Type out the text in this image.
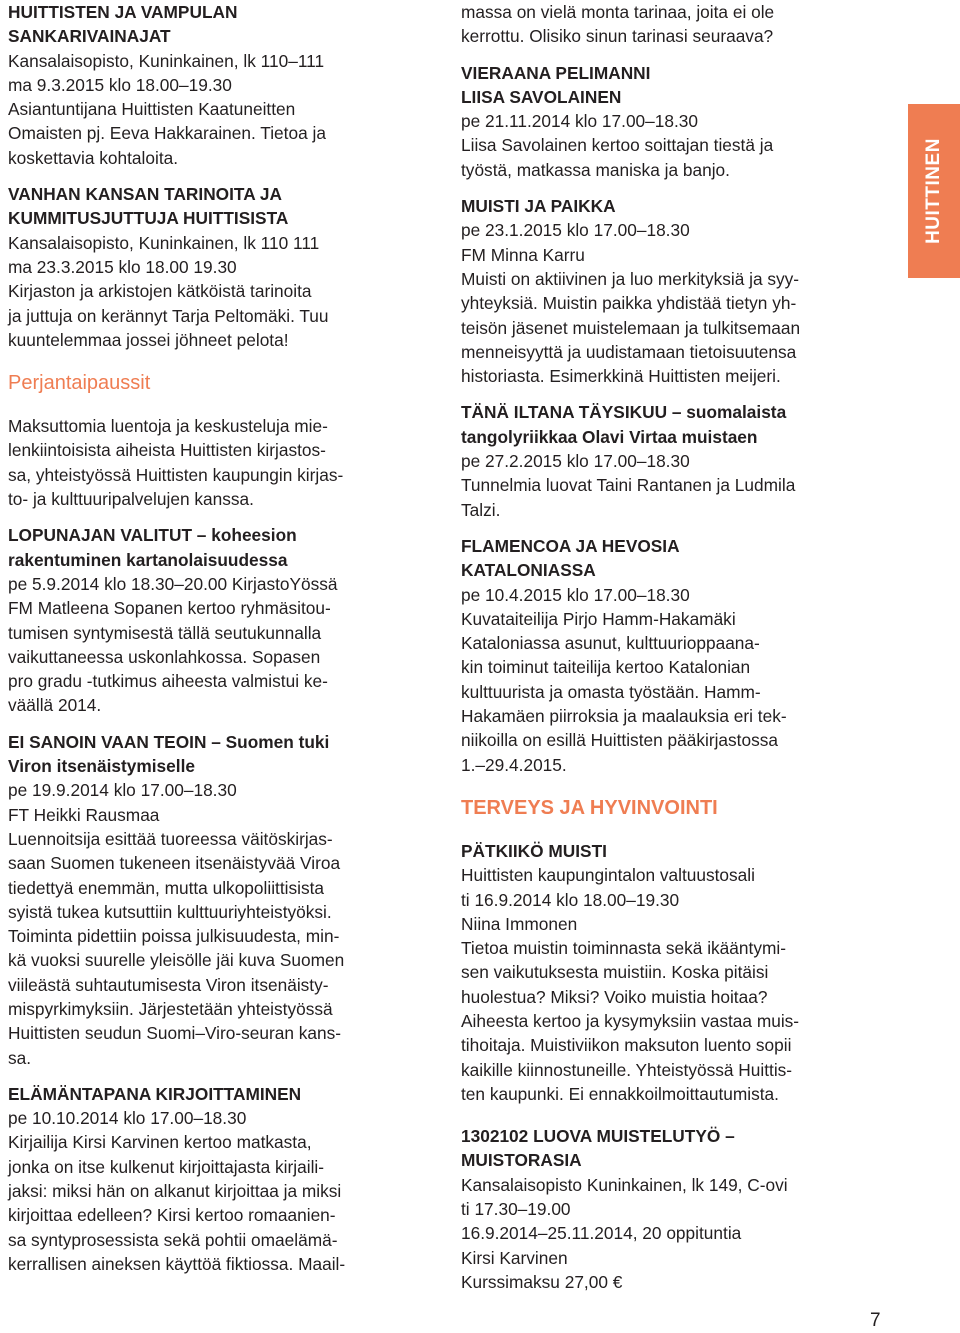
HUITTISTEN JA VAMPULAN

SANKARIVAINAJAT

Kansalaisopisto, Kuninkainen, lk 110–111

ma 9.3.2015 klo 18.00–19.30

Asiantuntijana Huittisten Kaatuneitten

Omaisten pj. Eeva Hakkarainen. Tietoa ja

koskettavia kohtaloita.

VANHAN KANSAN TARINOITA JA

KUMMITUSJUTTUJA HUITTISISTA

Kansalaisopisto, Kuninkainen, lk 110 111

ma 23.3.2015 klo 18.00 19.30

Kirjaston ja arkistojen kätköistä tarinoita

ja juttuja on kerännyt Tarja Peltomäki. Tuu

kuuntelemmaa jossei jöhneet pelota!

Perjantaipaussit

Maksuttomia luentoja ja keskusteluja mie-

lenkiintoisista aiheista Huittisten kirjastos-

sa, yhteistyössä Huittisten kaupungin kirjas-

to- ja kulttuuripalvelujen kanssa.

LOPUNAJAN VALITUT – koheesion

rakentuminen kartanolaisuudessa

pe 5.9.2014 klo 18.30–20.00 KirjastoYössä

FM Matleena Sopanen kertoo ryhmäsitou-

tumisen syntymisestä tällä seutukunnalla

vaikuttaneessa uskonlahkossa. Sopasen

pro gradu -tutkimus aiheesta valmistui ke-

väällä 2014.

EI SANOIN VAAN TEOIN – Suomen tuki

Viron itsenäistymiselle

pe 19.9.2014 klo 17.00–18.30

FT Heikki Rausmaa

Luennoitsija esittää tuoreessa väitöskirjas-

saan Suomen tukeneen itsenäistyvää Viroa

tiedettyä enemmän, mutta ulkopoliittisista

syistä tukea kutsuttiin kulttuuriyhteistyöksi.

Toiminta pidettiin poissa julkisuudesta, min-

kä vuoksi suurelle yleisölle jäi kuva Suomen

viileästä suhtautumisesta Viron itsenäisty-

mispyrkimyksiin. Järjestetään yhteistyössä

Huittisten seudun Suomi–Viro-seuran kans-

sa.

ELÄMÄNTAPANA KIRJOITTAMINEN

pe 10.10.2014 klo 17.00–18.30

Kirjailija Kirsi Karvinen kertoo matkasta,

jonka on itse kulkenut kirjoittajasta kirjaili-

jaksi: miksi hän on alkanut kirjoittaa ja miksi

kirjoittaa edelleen? Kirsi kertoo romaanien-

sa syntyprosessista sekä pohtii omaelämä-

kerrallisen aineksen käyttöä fiktiossa. Maail-

massa on vielä monta tarinaa, joita ei ole

kerrottu. Olisiko sinun tarinasi seuraava?

VIERAANA PELIMANNI

LIISA SAVOLAINEN

pe 21.11.2014 klo 17.00–18.30

Liisa Savolainen kertoo soittajan tiestä ja

työstä, matkassa maniska ja banjo.

MUISTI JA PAIKKA

pe 23.1.2015 klo 17.00–18.30

FM Minna Karru

Muisti on aktiivinen ja luo merkityksiä ja syy-

yhteyksiä. Muistin paikka yhdistää tietyn yh-

teisön jäsenet muistelemaan ja tulkitsemaan

menneisyyttä ja uudistamaan tietoisuutensa

historiasta. Esimerkkinä Huittisten meijeri.

TÄNÄ ILTANA TÄYSIKUU – suomalaista

tangolyriikkaa Olavi Virtaa muistaen

pe 27.2.2015 klo 17.00–18.30

Tunnelmia luovat Taini Rantanen ja Ludmila

Talzi.

FLAMENCOA JA HEVOSIA

KATALONIASSA

pe 10.4.2015 klo 17.00–18.30

Kuvataiteilija Pirjo Hamm-Hakamäki

Kataloniassa asunut, kulttuurioppaana-

kin toiminut taiteilija kertoo Katalonian

kulttuurista ja omasta työstään. Hamm-

Hakamäen piirroksia ja maalauksia eri tek-

niikoilla on esillä Huittisten pääkirjastossa

1.–29.4.2015.

TERVEYS JA HYVINVOINTI

PÄTKIIKÖ MUISTI

Huittisten kaupungintalon valtuustosali

ti 16.9.2014 klo 18.00–19.30

Niina Immonen

Tietoa muistin toiminnasta sekä ikääntymi-

sen vaikutuksesta muistiin. Koska pitäisi

huolestua? Miksi? Voiko muistia hoitaa?

Aiheesta kertoo ja kysymyksiin vastaa muis-

tihoitaja. Muistiviikon maksuton luento sopii

kaikille kiinnostuneille. Yhteistyössä Huittis-

ten kaupunki. Ei ennakkoilmoittautumista.

1302102 LUOVA MUISTELUTYÖ –

MUISTORASIA

Kansalaisopisto Kuninkainen, lk 149, C-ovi

ti 17.30–19.00

16.9.2014–25.11.2014, 20 oppituntia

Kirsi Karvinen

Kurssimaksu 27,00 €

HUITTINEN
7
